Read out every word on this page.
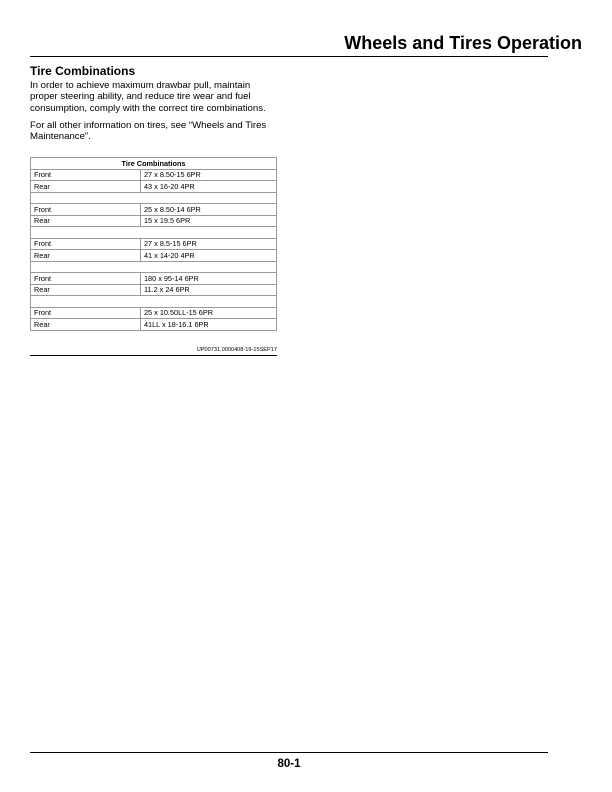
Wheels and Tires Operation
Tire Combinations
In order to achieve maximum drawbar pull, maintain proper steering ability, and reduce tire wear and fuel consumption, comply with the correct tire combinations.
For all other information on tires, see “Wheels and Tires Maintenance”.
Tire Combinations	
Front	27 x 8.50-15 6PR
Rear	43 x 16-20 4PR

Front	25 x 8.50-14 6PR
Rear	15 x 19.5 6PR

Front	27 x 8.5-15 6PR
Rear	41 x 14-20 4PR

Front	180 x 95-14 6PR
Rear	11.2 x 24 6PR

Front	25 x 10.50LL-15 6PR
Rear	41LL x 18-16.1 6PR
UP00731,0000408-19-15SEP17
80-1
